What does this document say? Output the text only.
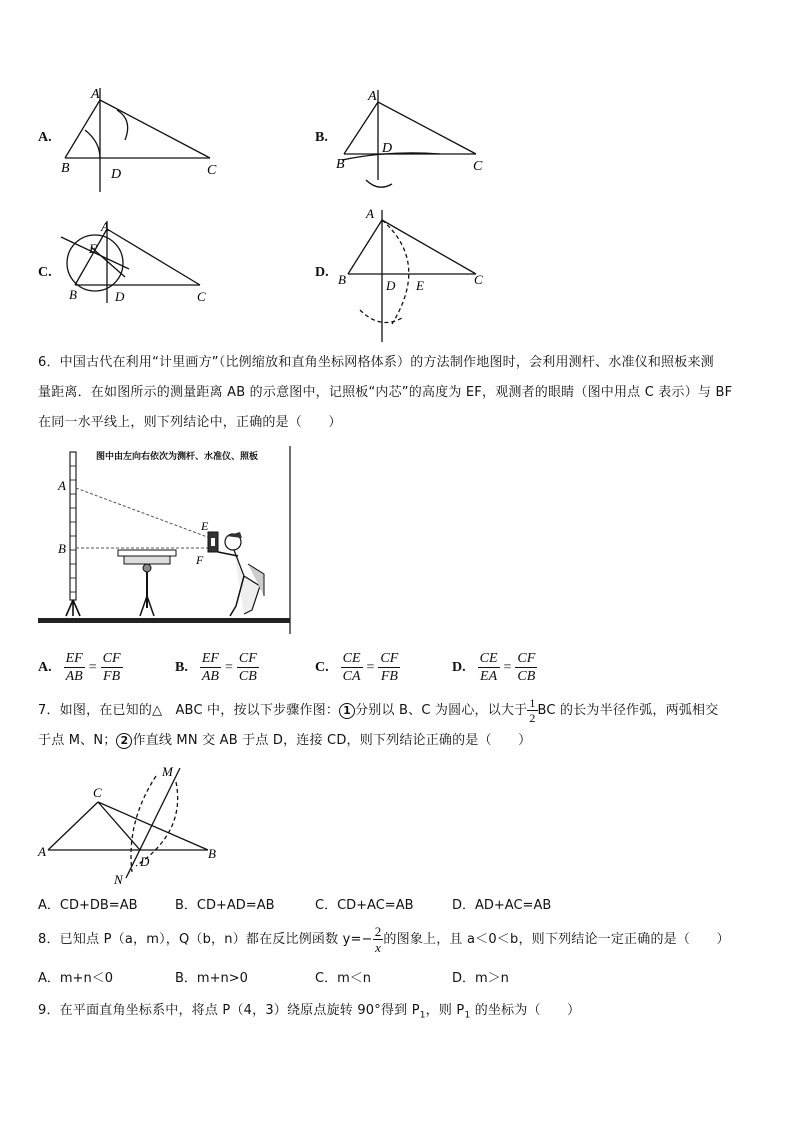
A.
A
B	D	C
B.
A
B
D
C
C.
A
E
B	D	C
D.
A
B	D E	C
6．中国古代在利用“计里画方”（比例缩放和直角坐标网格体系）的方法制作地图时，会利用测杆、水准仪和照板来测
量距离．在如图所示的测量距离 AB 的示意图中，记照板“内芯”的高度为 EF，观测者的眼睛（图中用点 C 表示）与 BF
在同一水平线上，则下列结论中，正确的是（　　）
图中由左向右依次为测杆、水准仪、照板
A
B
E
F
A. $\frac{EF}{AB} = \frac{CF}{FB}$	B. $\frac{EF}{AB} = \frac{CF}{CB}$	C. $\frac{CE}{CA} = \frac{CF}{FB}$	D. $\frac{CE}{EA} = \frac{CF}{CB}$
7．如图，在已知的△　ABC 中，按以下步骤作图： 1 分别以 B、C 为圆心，以大于 $\frac{1}{2}$ BC 的长为半径作弧，两弧相交
于点 M、N； 2 作直线 MN 交 AB 于点 D，连接 CD，则下列结论正确的是（　　）
A
C
D
B
M
N
A．CD+DB=AB	B．CD+AD=AB	C．CD+AC=AB	D．AD+AC=AB
8．已知点 P（a，m），Q（b，n）都在反比例函数 $y=- \frac{2}{x}$ 的图象上，且 a＜0＜b，则下列结论一定正确的是（　　）
A．m+n＜0	B．m+n>0	C．m＜n	D．m＞n
9．在平面直角坐标系中，将点 P（4，3）绕原点旋转 90°得到 $P_1$，则 $P_1$ 的坐标为（　　）
